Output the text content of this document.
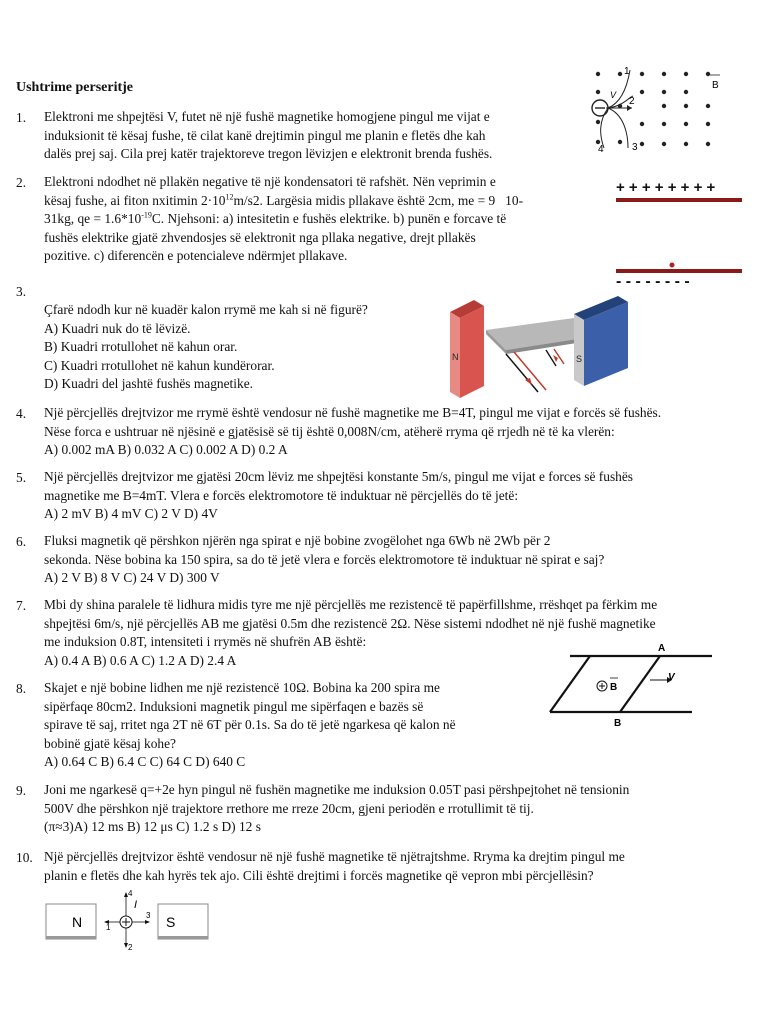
Ushtrime perseritje
1. Elektroni me shpejtësi V, futet në një fushë magnetike homogjene pingul me vijat e
induksionit të kësaj fushe, të cilat kanë drejtimin pingul me planin e fletës dhe kah
dalës prej saj. Cila prej katër trajektoreve tregon lëvizjen e elektronit brenda fushës.
2. Elektroni ndodhet në pllakën negative të një kondensatori të rafshët. Nën veprimin e
kësaj fushe, ai fiton nxitimin $2\cdot 10^{12}m/s2$. Largësia midis pllakave është 2cm, me = 9 10-
31kg, qe = $1.6*10^{-19}C$. Njehsoni: a) intesitetin e fushës elektrike. b) punën e forcave të
fushës elektrike gjatë zhvendosjes së elektronit nga pllaka negative, drejt pllakës
pozitive. c) diferencën e potencialeve ndërmjet pllakave.
3.
Çfarë ndodh kur në kuadër kalon rrymë me kah si në figurë?
A) Kuadri nuk do të lëvizë.
B) Kuadri rrotullohet në kahun orar.
C) Kuadri rrotullohet në kahun kundërorar.
D) Kuadri del jashtë fushës magnetike.
4. Një përcjellës drejtvizor me rrymë është vendosur në fushë magnetike me B=4T, pingul me vijat e forcës së fushës.
Nëse forca e ushtruar në njësinë e gjatësisë së tij është 0,008N/cm, atëherë rryma që rrjedh në të ka vlerën:
A) 0.002 mA B) 0.032 A C) 0.002 A D) 0.2 A
5. Një përcjellës drejtvizor me gjatësi 20cm lëviz me shpejtësi konstante 5m/s, pingul me vijat e forces së fushës
magnetike me B=4mT. Vlera e forcës elektromotore të induktuar në përcjellës do të jetë:
A) 2 mV B) 4 mV C) 2 V D) 4V
6. Fluksi magnetik që përshkon njërën nga spirat e një bobine zvogëlohet nga 6Wb në 2Wb për 2
sekonda. Nëse bobina ka 150 spira, sa do të jetë vlera e forcës elektromotore të induktuar në spirat e saj?
A) 2 V B) 8 V C) 24 V D) 300 V
7. Mbi dy shina paralele të lidhura midis tyre me një përcjellës me rezistencë të papërfillshme, rrëshqet pa fërkim me
shpejtësi 6m/s, një përcjellës AB me gjatësi 0.5m dhe rezistencë 2Ω. Nëse sistemi ndodhet në një fushë magnetike
me induksion 0.8T, intensiteti i rrymës në shufrën AB është:
A) 0.4 A B) 0.6 A C) 1.2 A D) 2.4 A
8. Skajet e një bobine lidhen me një rezistencë 10Ω. Bobina ka 200 spira me
sipërfaqe 80cm2. Induksioni magnetik pingul me sipërfaqen e bazës së
spirave të saj, rritet nga 2T në 6T për 0.1s. Sa do të jetë ngarkesa që kalon në
bobinë gjatë kësaj kohe?
A) 0.64 C B) 6.4 C C) 64 C D) 640 C
9. Joni me ngarkesë q=+2e hyn pingul në fushën magnetike me induksion 0.05T pasi përshpejtohet në tensionin
500V dhe përshkon një trajektore rrethore me rreze 20cm, gjeni periodën e rrotullimit të tij.
(π≈3)A) 12 ms B) 12 μs C) 1.2 s D) 12 s
10. Një përcjellës drejtvizor është vendosur në një fushë magnetike të njëtrajtshme. Rryma ka drejtim pingul me
planin e fletës dhe kah hyrës tek ajo. Cili është drejtimi i forcës magnetike që vepron mbi përcjellësin?
1
2
3
4
B
V
+ + + + + + + +
- - - - - - - -
N	S
A
B
B
V
N	S
4
2
1
3
I
